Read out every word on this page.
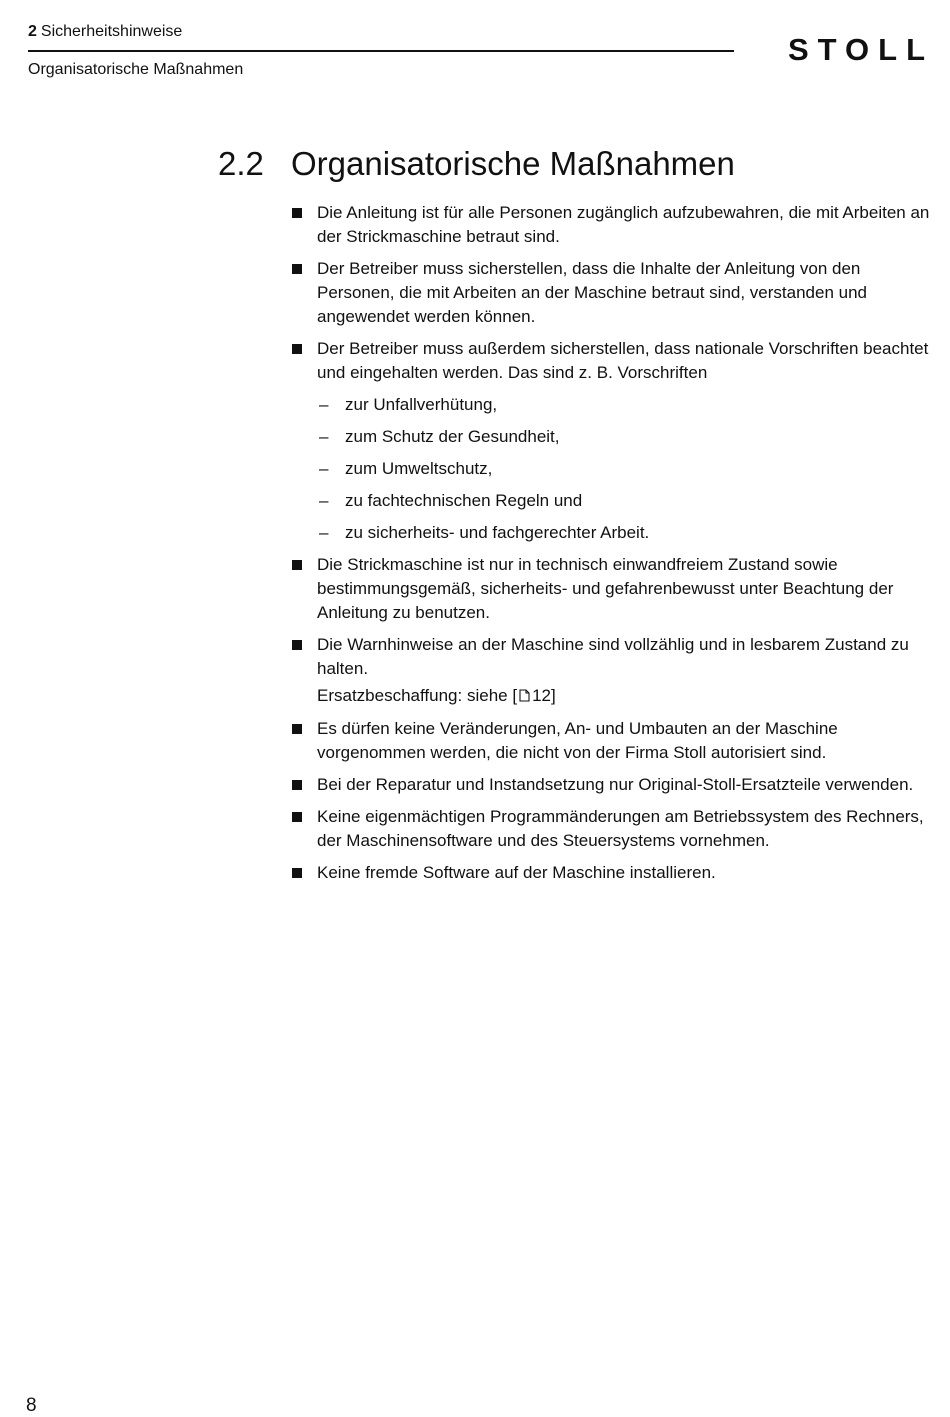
2 Sicherheitshinweise
Organisatorische Maßnahmen
STOLL
2.2 Organisatorische Maßnahmen
Die Anleitung ist für alle Personen zugänglich aufzubewahren, die mit Arbeiten an der Strickmaschine betraut sind.
Der Betreiber muss sicherstellen, dass die Inhalte der Anleitung von den Personen, die mit Arbeiten an der Maschine betraut sind, verstanden und angewendet werden können.
Der Betreiber muss außerdem sicherstellen, dass nationale Vorschriften beachtet und eingehalten werden. Das sind z. B. Vorschriften
– zur Unfallverhütung,
– zum Schutz der Gesundheit,
– zum Umweltschutz,
– zu fachtechnischen Regeln und
– zu sicherheits- und fachgerechter Arbeit.
Die Strickmaschine ist nur in technisch einwandfreiem Zustand sowie bestimmungsgemäß, sicherheits- und gefahrenbewusst unter Beachtung der Anleitung zu benutzen.
Die Warnhinweise an der Maschine sind vollzählig und in lesbarem Zustand zu halten.
Ersatzbeschaffung: siehe [ 12]
Es dürfen keine Veränderungen, An- und Umbauten an der Maschine vorgenommen werden, die nicht von der Firma Stoll autorisiert sind.
Bei der Reparatur und Instandsetzung nur Original-Stoll-Ersatzteile verwenden.
Keine eigenmächtigen Programmänderungen am Betriebssystem des Rechners, der Maschinensoftware und des Steuersystems vornehmen.
Keine fremde Software auf der Maschine installieren.
8
